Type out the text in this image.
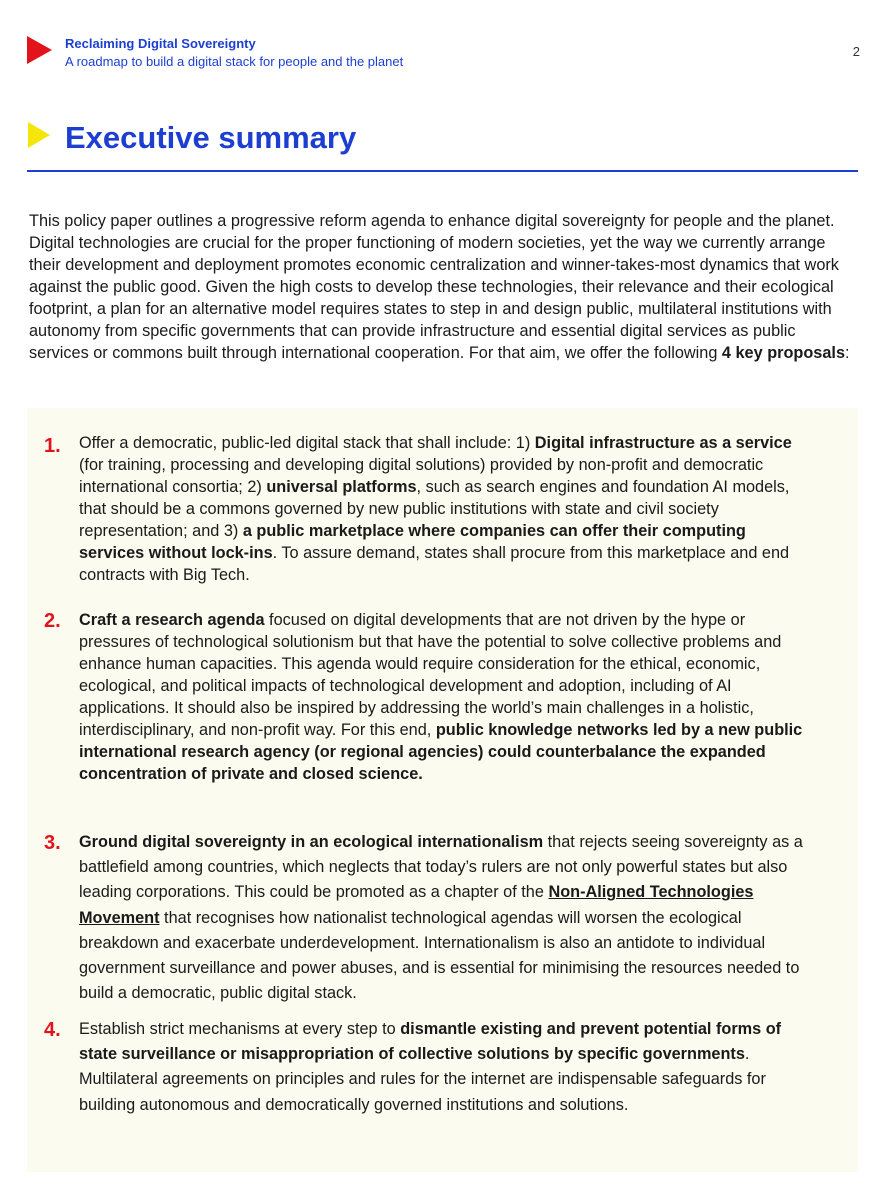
Reclaiming Digital Sovereignty
A roadmap to build a digital stack for people and the planet
2
Executive summary

This policy paper outlines a progressive reform agenda to enhance digital sovereignty for people and the planet. Digital technologies are crucial for the proper functioning of modern societies, yet the way we currently arrange their development and deployment promotes economic centralization and winner-takes-most dynamics that work against the public good. Given the high costs to develop these technologies, their relevance and their ecological footprint, a plan for an alternative model requires states to step in and design public, multilateral institutions with autonomy from specific governments that can provide infrastructure and essential digital services as public services or commons built through international cooperation. For that aim, we offer the following 4 key proposals:

1. Offer a democratic, public-led digital stack that shall include: 1) Digital infrastructure as a service (for training, processing and developing digital solutions) provided by non-profit and democratic international consortia; 2) universal platforms, such as search engines and foundation AI models, that should be a commons governed by new public institutions with state and civil society representation; and 3) a public marketplace where companies can offer their computing services without lock-ins. To assure demand, states shall procure from this marketplace and end contracts with Big Tech.

2. Craft a research agenda focused on digital developments that are not driven by the hype or pressures of technological solutionism but that have the potential to solve collective problems and enhance human capacities. This agenda would require consideration for the ethical, economic, ecological, and political impacts of technological development and adoption, including of AI applications. It should also be inspired by addressing the world’s main challenges in a holistic, interdisciplinary, and non-profit way. For this end, public knowledge networks led by a new public international research agency (or regional agencies) could counterbalance the expanded concentration of private and closed science.

3. Ground digital sovereignty in an ecological internationalism that rejects seeing sovereignty as a battlefield among countries, which neglects that today’s rulers are not only powerful states but also leading corporations. This could be promoted as a chapter of the Non-Aligned Technologies Movement that recognises how nationalist technological agendas will worsen the ecological breakdown and exacerbate underdevelopment. Internationalism is also an antidote to individual government surveillance and power abuses, and is essential for minimising the resources needed to build a democratic, public digital stack.

4. Establish strict mechanisms at every step to dismantle existing and prevent potential forms of state surveillance or misappropriation of collective solutions by specific governments. Multilateral agreements on principles and rules for the internet are indispensable safeguards for building autonomous and democratically governed institutions and solutions.
